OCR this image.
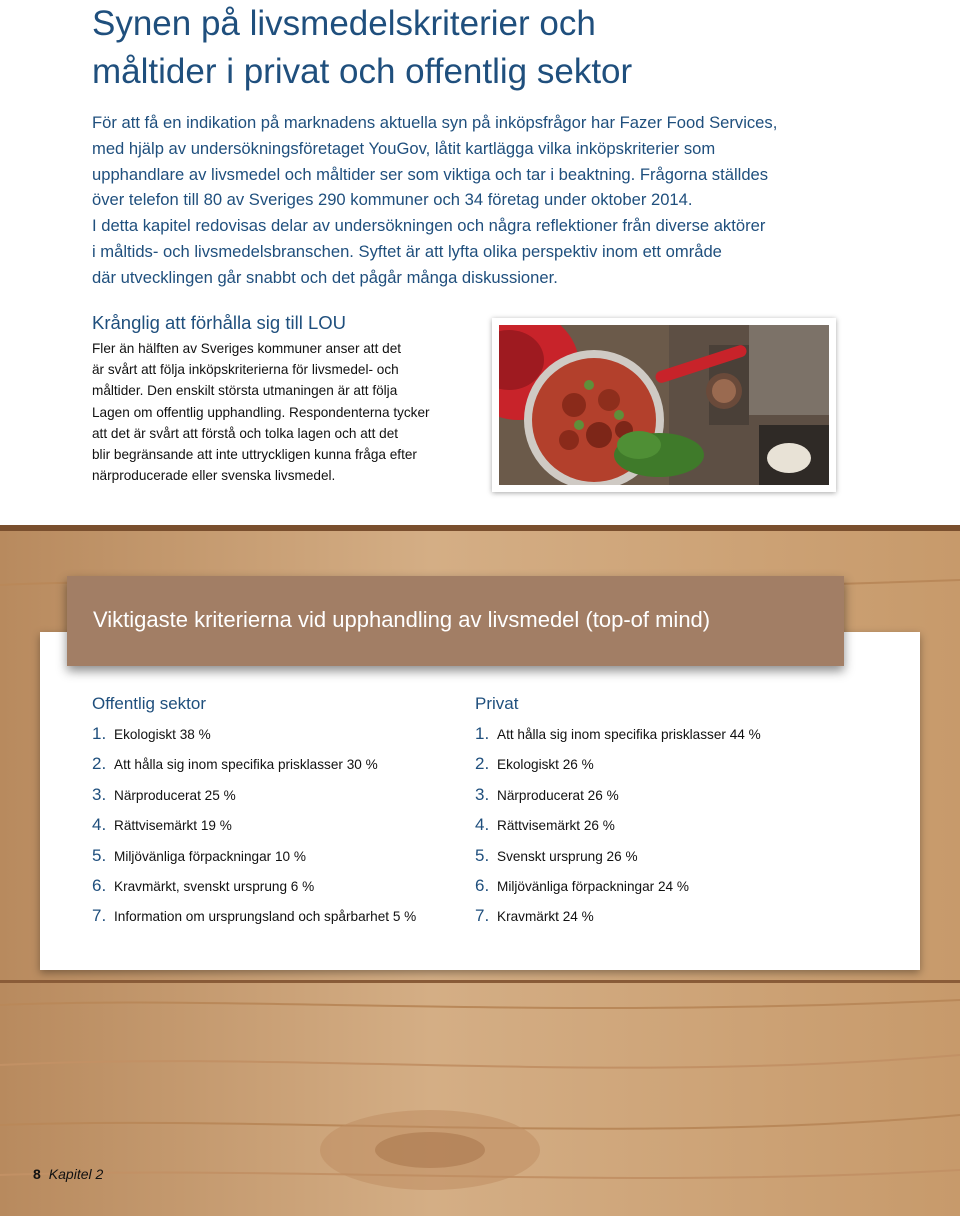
Synen på livsmedelskriterier och
måltider i privat och offentlig sektor

För att få en indikation på marknadens aktuella syn på inköpsfrågor har Fazer Food Services,
med hjälp av undersökningsföretaget YouGov, låtit kartlägga vilka inköpskriterier som
upphandlare av livsmedel och måltider ser som viktiga och tar i beaktning. Frågorna ställdes
över telefon till 80 av Sveriges 290 kommuner och 34 företag under oktober 2014.
I detta kapitel redovisas delar av undersökningen och några reflektioner från diverse aktörer
i måltids- och livsmedelsbranschen. Syftet är att lyfta olika perspektiv inom ett område
där utvecklingen går snabbt och det pågår många diskussioner.

Krånglig att förhålla sig till LOU

Fler än hälften av Sveriges kommuner anser att det
är svårt att följa inköpskriterierna för livsmedel- och
måltider. Den enskilt största utmaningen är att följa
Lagen om offentlig upphandling. Respondenterna tycker
att det är svårt att förstå och tolka lagen och att det
blir begränsande att inte uttryckligen kunna fråga efter
närproducerade eller svenska livsmedel.

Viktigaste kriterierna vid upphandling av livsmedel (top-of mind)
Offentlig sektor
1. Ekologiskt 38 %
2. Att hålla sig inom specifika prisklasser 30 %
3. Närproducerat 25 %
4. Rättvisemärkt 19 %
5. Miljövänliga förpackningar 10 %
6. Kravmärkt, svenskt ursprung 6 %
7. Information om ursprungsland och spårbarhet 5 %
Privat
1. Att hålla sig inom specifika prisklasser 44 %
2. Ekologiskt 26 %
3. Närproducerat 26 %
4. Rättvisemärkt 26 %
5. Svenskt ursprung 26 %
6. Miljövänliga förpackningar 24 %
7. Kravmärkt 24 %
8 Kapitel 2
